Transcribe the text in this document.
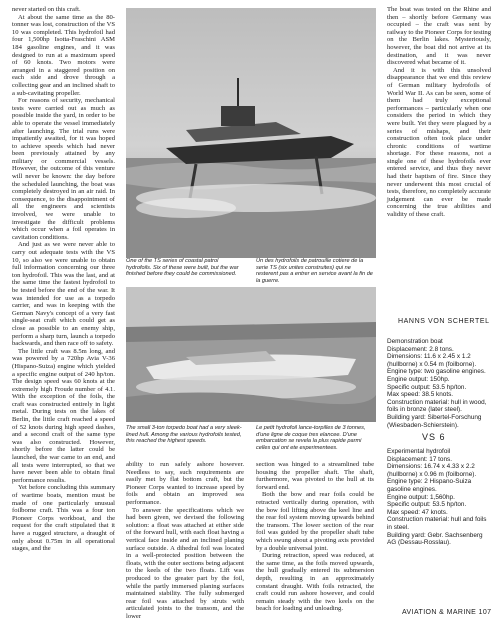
never started on this craft.

At about the same time as the 80-tonner was lost, construction of the VS 10 was completed. This hydrofoil had four 1,500hp Isotta-Fraschini ASM 184 gasoline engines, and it was designed to run at a maximum speed of 60 knots. Two motors were arranged in a staggered position on each side and drove through a collecting gear and an inclined shaft to a sub-cavitating propeller.

For reasons of security, mechanical tests were carried out as much as possible inside the yard, in order to be able to operate the vessel immediately after launching. The trial runs were impatiently awaited, for it was hoped to achieve speeds which had never been previously attained by any military or commercial vessels. However, the outcome of this venture will never be known: the day before the scheduled launching, the boat was completely destroyed in an air raid. In consequence, to the disappointment of all the engineers and scientists involved, we were unable to investigate the difficult problems which occur when a foil operates in cavitation conditions.

And just as we were never able to carry out adequate tests with the VS 10, so also we were unable to obtain full information concerning our three ton hydrofoil. This was the last, and at the same time the fastest hydrofoil to be tested before the end of the war. It was intended for use as a torpedo carrier, and was in keeping with the German Navy's concept of a very fast single-seat craft which could get as close as possible to an enemy ship, perform a sharp turn, launch a torpedo backwards, and then race off to safety.

The little craft was 8.5m long, and was powered by a 720hp Avia V-36 (Hispano-Suiza) engine which yielded a specific engine output of 240 hp/ton. The design speed was 60 knots at the extremely high Froude number of 4.1. With the exception of the foils, the craft was constructed entirely in light metal. During tests on the lakes of Berlin, the little craft reached a speed of 52 knots during high speed dashes, and a second craft of the same type was also constructed. However, shortly before the latter could be launched, the war came to an end, and all tests were interrupted, so that we have never been able to obtain final performance results.

Yet before concluding this summary of wartime boats, mention must be made of one particularly unusual foilborne craft. This was a four ton Pioneer Corps workboat, and the request for the craft stipulated that it have a rugged structure, a draught of only about 0.75m in all operational stages, and the

One of the TS series of coastal patrol hydrofoils. Six of these were built, but the war finished before they could be commissioned.
Un des hydrofoils de patrouille cotiere de la serie TS (six unites construites) qui ne resterent pas a entrer en service avant la fin de la guerre.
The small 3-ton torpedo boat had a very sleek-lined hull. Among the various hydrofoils tested, this reached the highest speeds.
Le petit hydrofoil lance-torpilles de 3 tonnes, d'une ligne de coque tres elancee. D'une embarcation se revela la plus rapide parmi celles qui ont ete experimentees.

ability to run safely ashore however. Needless to say, such requirements are easily met by flat bottom craft, but the Pioneer Corps wanted to increase speed by foils and obtain an improved sea performance.

To answer the specifications which we had been given, we devised the following solution: a float was attached at either side of the forward hull, with each float having a vertical face inside and an inclined planing surface outside. A dihedral foil was located in a well-protected position between the floats, with the outer sections being adjacent to the keels of the two floats. Lift was produced to the greater part by the foil, while the partly immersed planing surfaces maintained stability. The fully submerged rear foil was attached by struts with articulated joints to the transom, and the lower

section was hinged to a streamlined tube housing the propeller shaft. The shaft, furthermore, was pivoted to the hull at its forward end.

Both the bow and rear foils could be retracted vertically during operation, with the bow foil lifting above the keel line and the rear foil system moving upwards behind the transom. The lower section of the rear foil was guided by the propeller shaft tube which swung about a pivoting axis provided by a double universal joint.

During retraction, speed was reduced, at the same time, as the foils moved upwards, the hull gradually entered its submersion depth, resulting in an approximately constant draught. With foils retracted, the craft could run ashore however, and could remain steady with the two keels on the beach for loading and unloading.

The boat was tested on the Rhine and then – shortly before Germany was occupied – the craft was sent by railway to the Pioneer Corps for testing on the Berlin lakes. Mysteriously, however, the boat did not arrive at its destination, and it was never discovered what became of it.

And it is with this unsolved disappearance that we end this review of German military hydrofoils of World War II. As can be seen, some of them had truly exceptional performances – particularly when one considers the period in which they were built. Yet they were plagued by a series of mishaps, and their construction often took place under chronic conditions of wartime shortage. For these reasons, not a single one of these hydrofoils ever entered service, and thus they never had their baptism of fire. Since they never underwent this most crucial of tests, therefore, no completely accurate judgement can ever be made concerning the true abilities and validity of these craft.

HANNS VON SCHERTEL
Demonstration boat
Displacement: 2.8 tons.
Dimensions: 11.6 x 2.45 x 1.2 (hullborne) x 0.54 m (foilborne).
Engine type: two gasoline engines.
Engine output: 150hp.
Specific output: 53.5 hp/ton.
Max speed: 38.5 knots.
Construction material: hull in wood, foils in bronze (later steel).
Building yard: Sibertel-Forschung (Wiesbaden-Schierstein).
VS 6
Experimental hydrofoil
Displacement: 17 tons.
Dimensions: 16.74 x 4.33 x 2.2 (hullborne) x 0.96 m (foilborne).
Engine type: 2 Hispano-Suiza gasoline engines.
Engine output: 1,560hp.
Specific output: 53.5 hp/ton.
Max speed: 47 knots.
Construction material: hull and foils in steel.
Building yard: Gebr. Sachsenberg AG (Dessau-Rosslau).
AVIATION & MARINE 107
